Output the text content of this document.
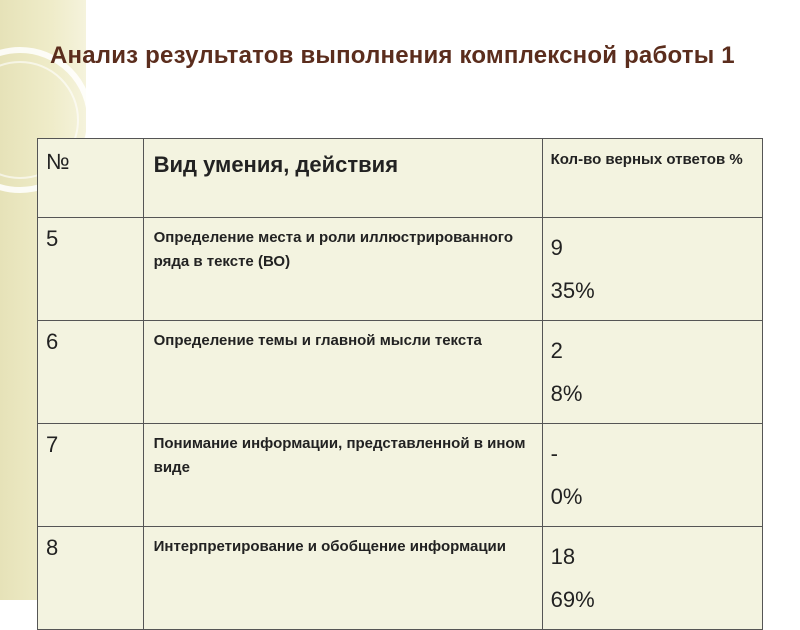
Анализ результатов выполнения комплексной работы 1
№	Вид умения, действия	Кол-во верных ответов %
5	Определение места и роли иллюстрированного ряда в тексте (ВО)	9
35%

6	Определение темы и главной мысли текста	2
8%

7	Понимание информации, представленной в ином виде	-
0%

8	Интерпретирование и обобщение информации	18
69%
